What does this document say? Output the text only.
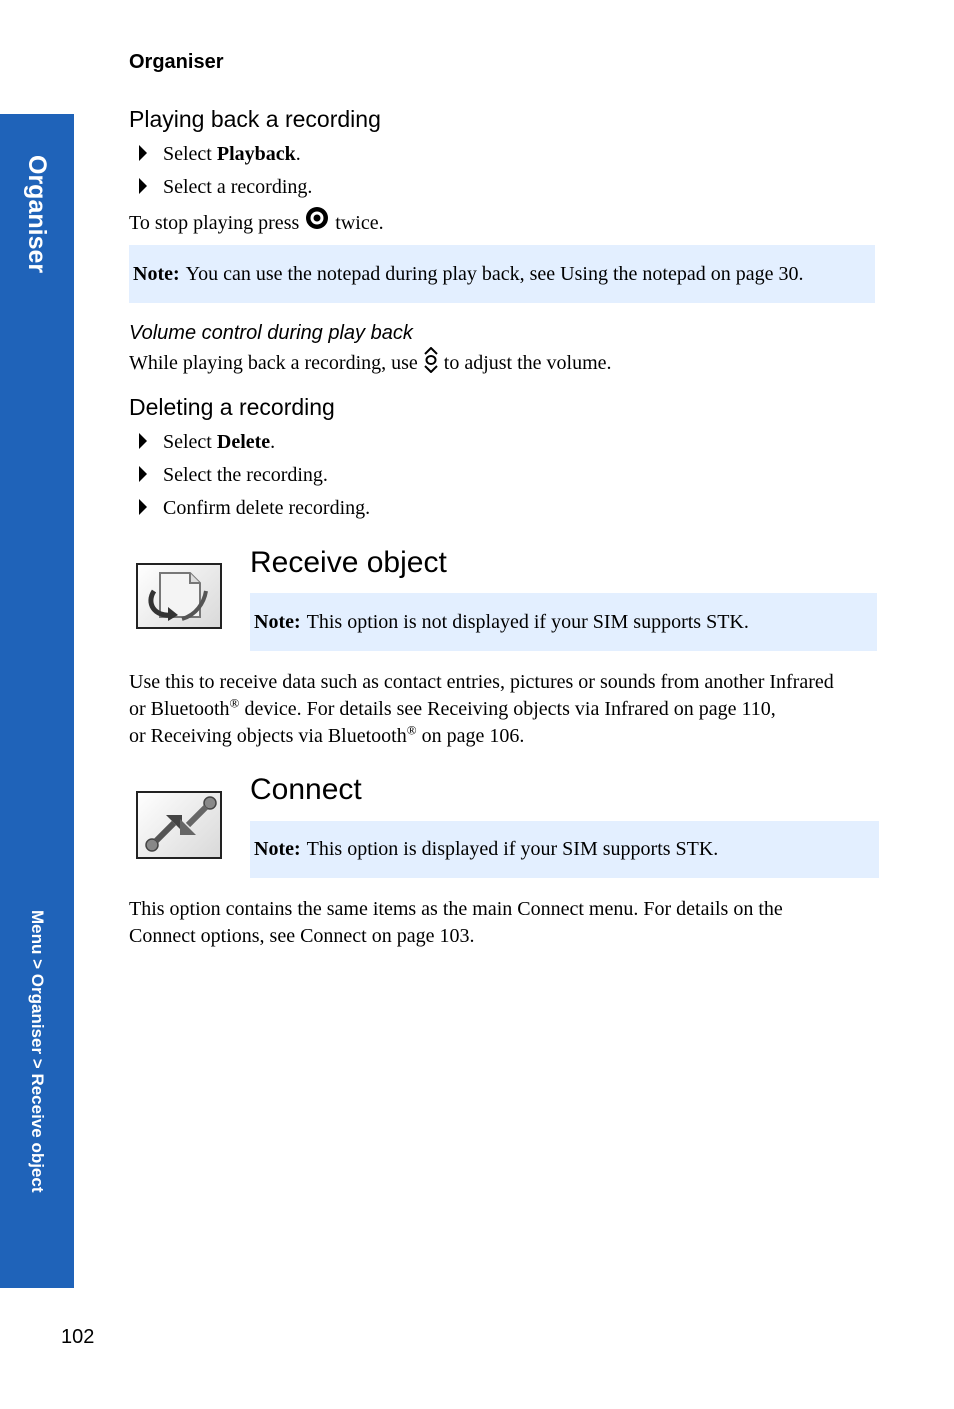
Organiser
Menu > Organiser > Receive object
Organiser
Playing back a recording
Select Playback.
Select a recording.
To stop playing press  twice.
Note: You can use the notepad during play back, see Using the notepad on page 30.
Volume control during play back
While playing back a recording, use  to adjust the volume.
Deleting a recording
Select Delete.
Select the recording.
Confirm delete recording.
Receive object
Note: This option is not displayed if your SIM supports STK.
Use this to receive data such as contact entries, pictures or sounds from another Infrared
or Bluetooth® device. For details see Receiving objects via Infrared on page 110,
or Receiving objects via Bluetooth® on page 106.
Connect
Note: This option is displayed if your SIM supports STK.
This option contains the same items as the main Connect menu. For details on the
Connect options, see Connect on page 103.
102
